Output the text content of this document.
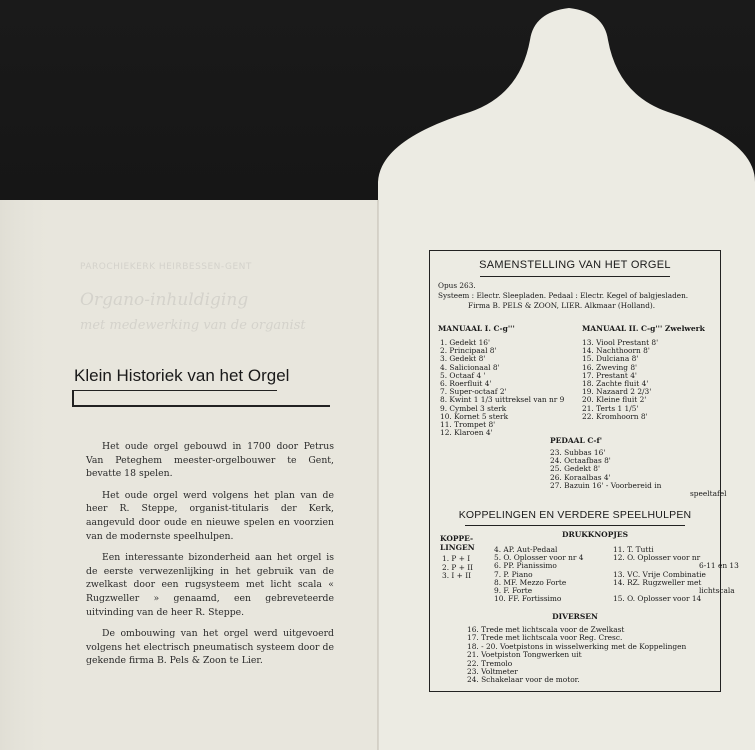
PAROCHIEKERK HEIRBESSEN-GENT
Organo-inhuldiging
met medewerking van de organist
Klein Historiek van het Orgel

Het oude orgel gebouwd in 1700 door Petrus Van Peteghem meester-orgelbouwer te Gent, bevatte 18 spelen.

Het oude orgel werd volgens het plan van de heer R. Steppe, organist-titularis der Kerk, aangevuld door oude en nieuwe spelen en voorzien van de modernste speelhulpen.

Een interessante bizonderheid aan het orgel is de eerste verwezenlijking in het gebruik van de zwelkast door een rugsysteem met licht scala « Rugzweller » genaamd, een gebreveteerde uitvinding van de heer R. Steppe.

De ombouwing van het orgel werd uitgevoerd volgens het electrisch pneumatisch systeem door de gekende firma B. Pels & Zoon te Lier.

SAMENSTELLING VAN HET ORGEL
Opus 263.
Systeem : Electr. Sleepladen. Pedaal : Electr. Kegel of balgjesladen.
Firma B. PELS & ZOON, LIER. Alkmaar (Holland).
MANUAAL I. C-g'''
1. Gedekt 16'
2. Principaal 8'
3. Gedekt 8'
4. Salicionaal 8'
5. Octaaf 4 '
6. Roerfluit 4'
7. Super-octaaf 2'
8. Kwint 1 1/3 uittreksel van nr 9
9. Cymbel 3 sterk
10. Kornet 5 sterk
11. Trompet 8'
12. Klaroen 4'
MANUAAL II. C-g''' Zwelwerk
13. Viool Prestant 8'
14. Nachthoorn 8'
15. Dulciana 8'
16. Zweving 8'
17. Prestant 4'
18. Zachte fluit 4'
19. Nazaard 2 2/3'
20. Kleine fluit 2'
21. Terts 1 1/5'
22. Kromhoorn 8'
PEDAAL C-f'
23. Subbas 16'
24. Octaafbas 8'
25. Gedekt 8'
26. Koraalbas 4'
27. Bazuin 16' - Voorbereid in
speeltafel
KOPPELINGEN EN VERDERE SPEELHULPEN
KOPPE-
LINGEN
1. P + I
2. P + II
3. I + II
DRUKKNOPJES
4. AP. Aut-Pedaal
5. O. Oplosser voor nr 4
6. PP. Pianissimo
7. P. Piano
8. MF. Mezzo Forte
9. F. Forte
10. FF. Fortissimo
11. T. Tutti
12. O. Oplosser voor nr
6-11 en 13
13. VC. Vrije Combinatie
14. RZ. Rugzweller met
lichtscala
15. O. Oplosser voor 14
DIVERSEN
16. Trede met lichtscala voor de Zwelkast
17. Trede met lichtscala voor Reg. Cresc.
18. - 20. Voetpistons in wisselwerking met de Koppelingen
21. Voetpiston Tongwerken uit
22. Tremolo
23. Voltmeter
24. Schakelaar voor de motor.
